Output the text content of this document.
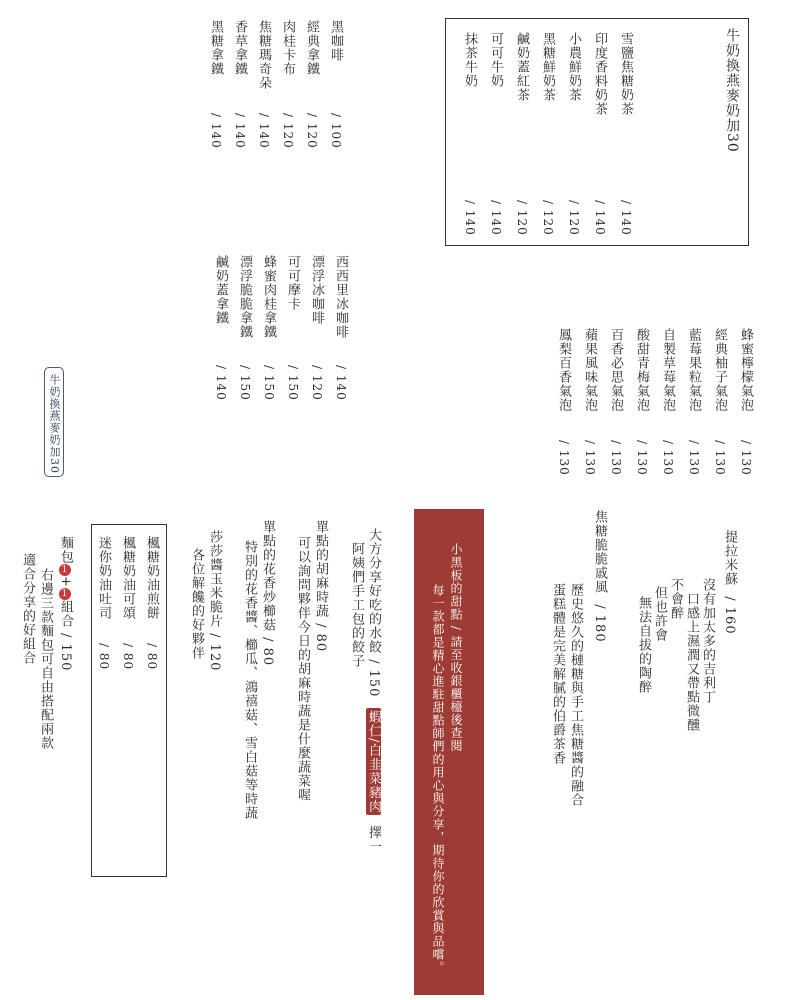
牛奶換燕麥奶加30
雪鹽焦糖奶茶
/ 140
印度香料奶茶
/ 140
小農鮮奶茶
/ 120
黑糖鮮奶茶
/ 120
鹹奶蓋紅茶
/ 120
可可牛奶
/ 140
抹茶牛奶
/ 140
黑咖啡
/ 100
經典拿鐵
/ 120
肉桂卡布
/ 120
焦糖瑪奇朵
/ 140
香草拿鐵
/ 140
黑糖拿鐵
/ 140
西西里冰咖啡
/ 140
漂浮冰咖啡
/ 120
可可摩卡
/ 150
蜂蜜肉桂拿鐵
/ 150
漂浮脆脆拿鐵
/ 150
鹹奶蓋拿鐵
/ 140
牛奶換燕麥奶加30
蜂蜜檸檬氣泡
/ 130
經典柚子氣泡
/ 130
藍莓果粒氣泡
/ 130
自製草莓氣泡
/ 130
酸甜青梅氣泡
/ 130
百香必思氣泡
/ 130
蘋果風味氣泡
/ 130
鳳梨百香氣泡
/ 130
提拉米蘇  / 160
沒有加太多的吉利丁
口感上濕潤又帶點微醺
不會醉
但也許會
無法自拔的陶醉
焦糖脆脆戚風  / 180
歷史悠久的槤糖與手工焦糖醬的融合
蛋糕體是完美解膩的伯爵茶香
小黑板的甜點 / 請至收銀櫃檯後查閱
每一款都是精心進駐甜點師們的用心與分享，期待你的欣賞與品嚐。
大方分享好吃的水餃 / 150  蝦仁/白韭菜豬肉  擇一
阿姨們手工包的餃子
單點的胡麻時蔬 / 80
可以詢問夥伴今日的胡麻時蔬是什麼蔬菜喔
單點的花香炒櫛菇 / 80
特別的花香醬、櫛瓜、鴻禧菇、雪白菇等時蔬
莎莎醬玉米脆片 / 120
各位解饞的好夥伴
楓糖奶油煎餅
/ 80
楓糖奶油可頌
/ 80
迷你奶油吐司
/ 80
麵包1+1組合 / 150
右邊三款麵包可自由搭配兩款
適合分享的好組合
